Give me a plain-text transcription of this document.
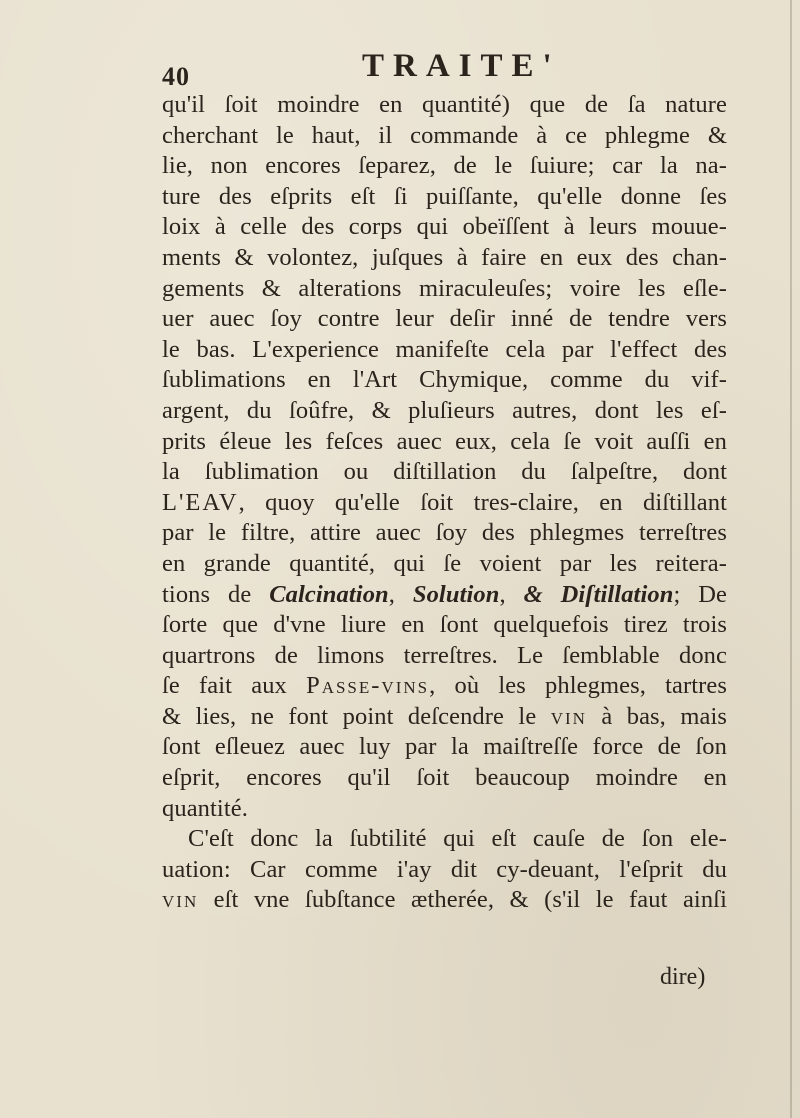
40	TRAITE'
qu'il ſoit moindre en quantité) que de ſa nature
cherchant le haut, il commande à ce phlegme &
lie, non encores ſeparez, de le ſuiure; car la na-
ture des eſprits eſt ſi puiſſante, qu'elle donne ſes
loix à celle des corps qui obeïſſent à leurs mouue-
ments & volontez, juſques à faire en eux des chan-
gements & alterations miraculeuſes; voire les eſle-
uer auec ſoy contre leur deſir inné de tendre vers
le bas. L'experience manifeſte cela par l'effect des
ſublimations en l'Art Chymique, comme du vif-
argent, du ſoûfre, & pluſieurs autres, dont les eſ-
prits éleue les feſces auec eux, cela ſe voit auſſi en
la ſublimation ou diſtillation du ſalpeſtre, dont
L'EAV, quoy qu'elle ſoit tres-claire, en diſtillant
par le filtre, attire auec ſoy des phlegmes terreſtres
en grande quantité, qui ſe voient par les reitera-
tions de Calcination, Solution, & Diſtillation; De
ſorte que d'vne liure en ſont quelquefois tirez trois
quartrons de limons terreſtres. Le ſemblable donc
ſe fait aux Passe-vins, où les phlegmes, tartres
& lies, ne font point deſcendre le vin à bas, mais
ſont eſleuez auec luy par la maiſtreſſe force de ſon
eſprit, encores qu'il ſoit beaucoup moindre en
quantité.
C'eſt donc la ſubtilité qui eſt cauſe de ſon ele-
uation: Car comme i'ay dit cy-deuant, l'eſprit du
vin eſt vne ſubſtance ætherée, & (s'il le faut ainſi
dire)
